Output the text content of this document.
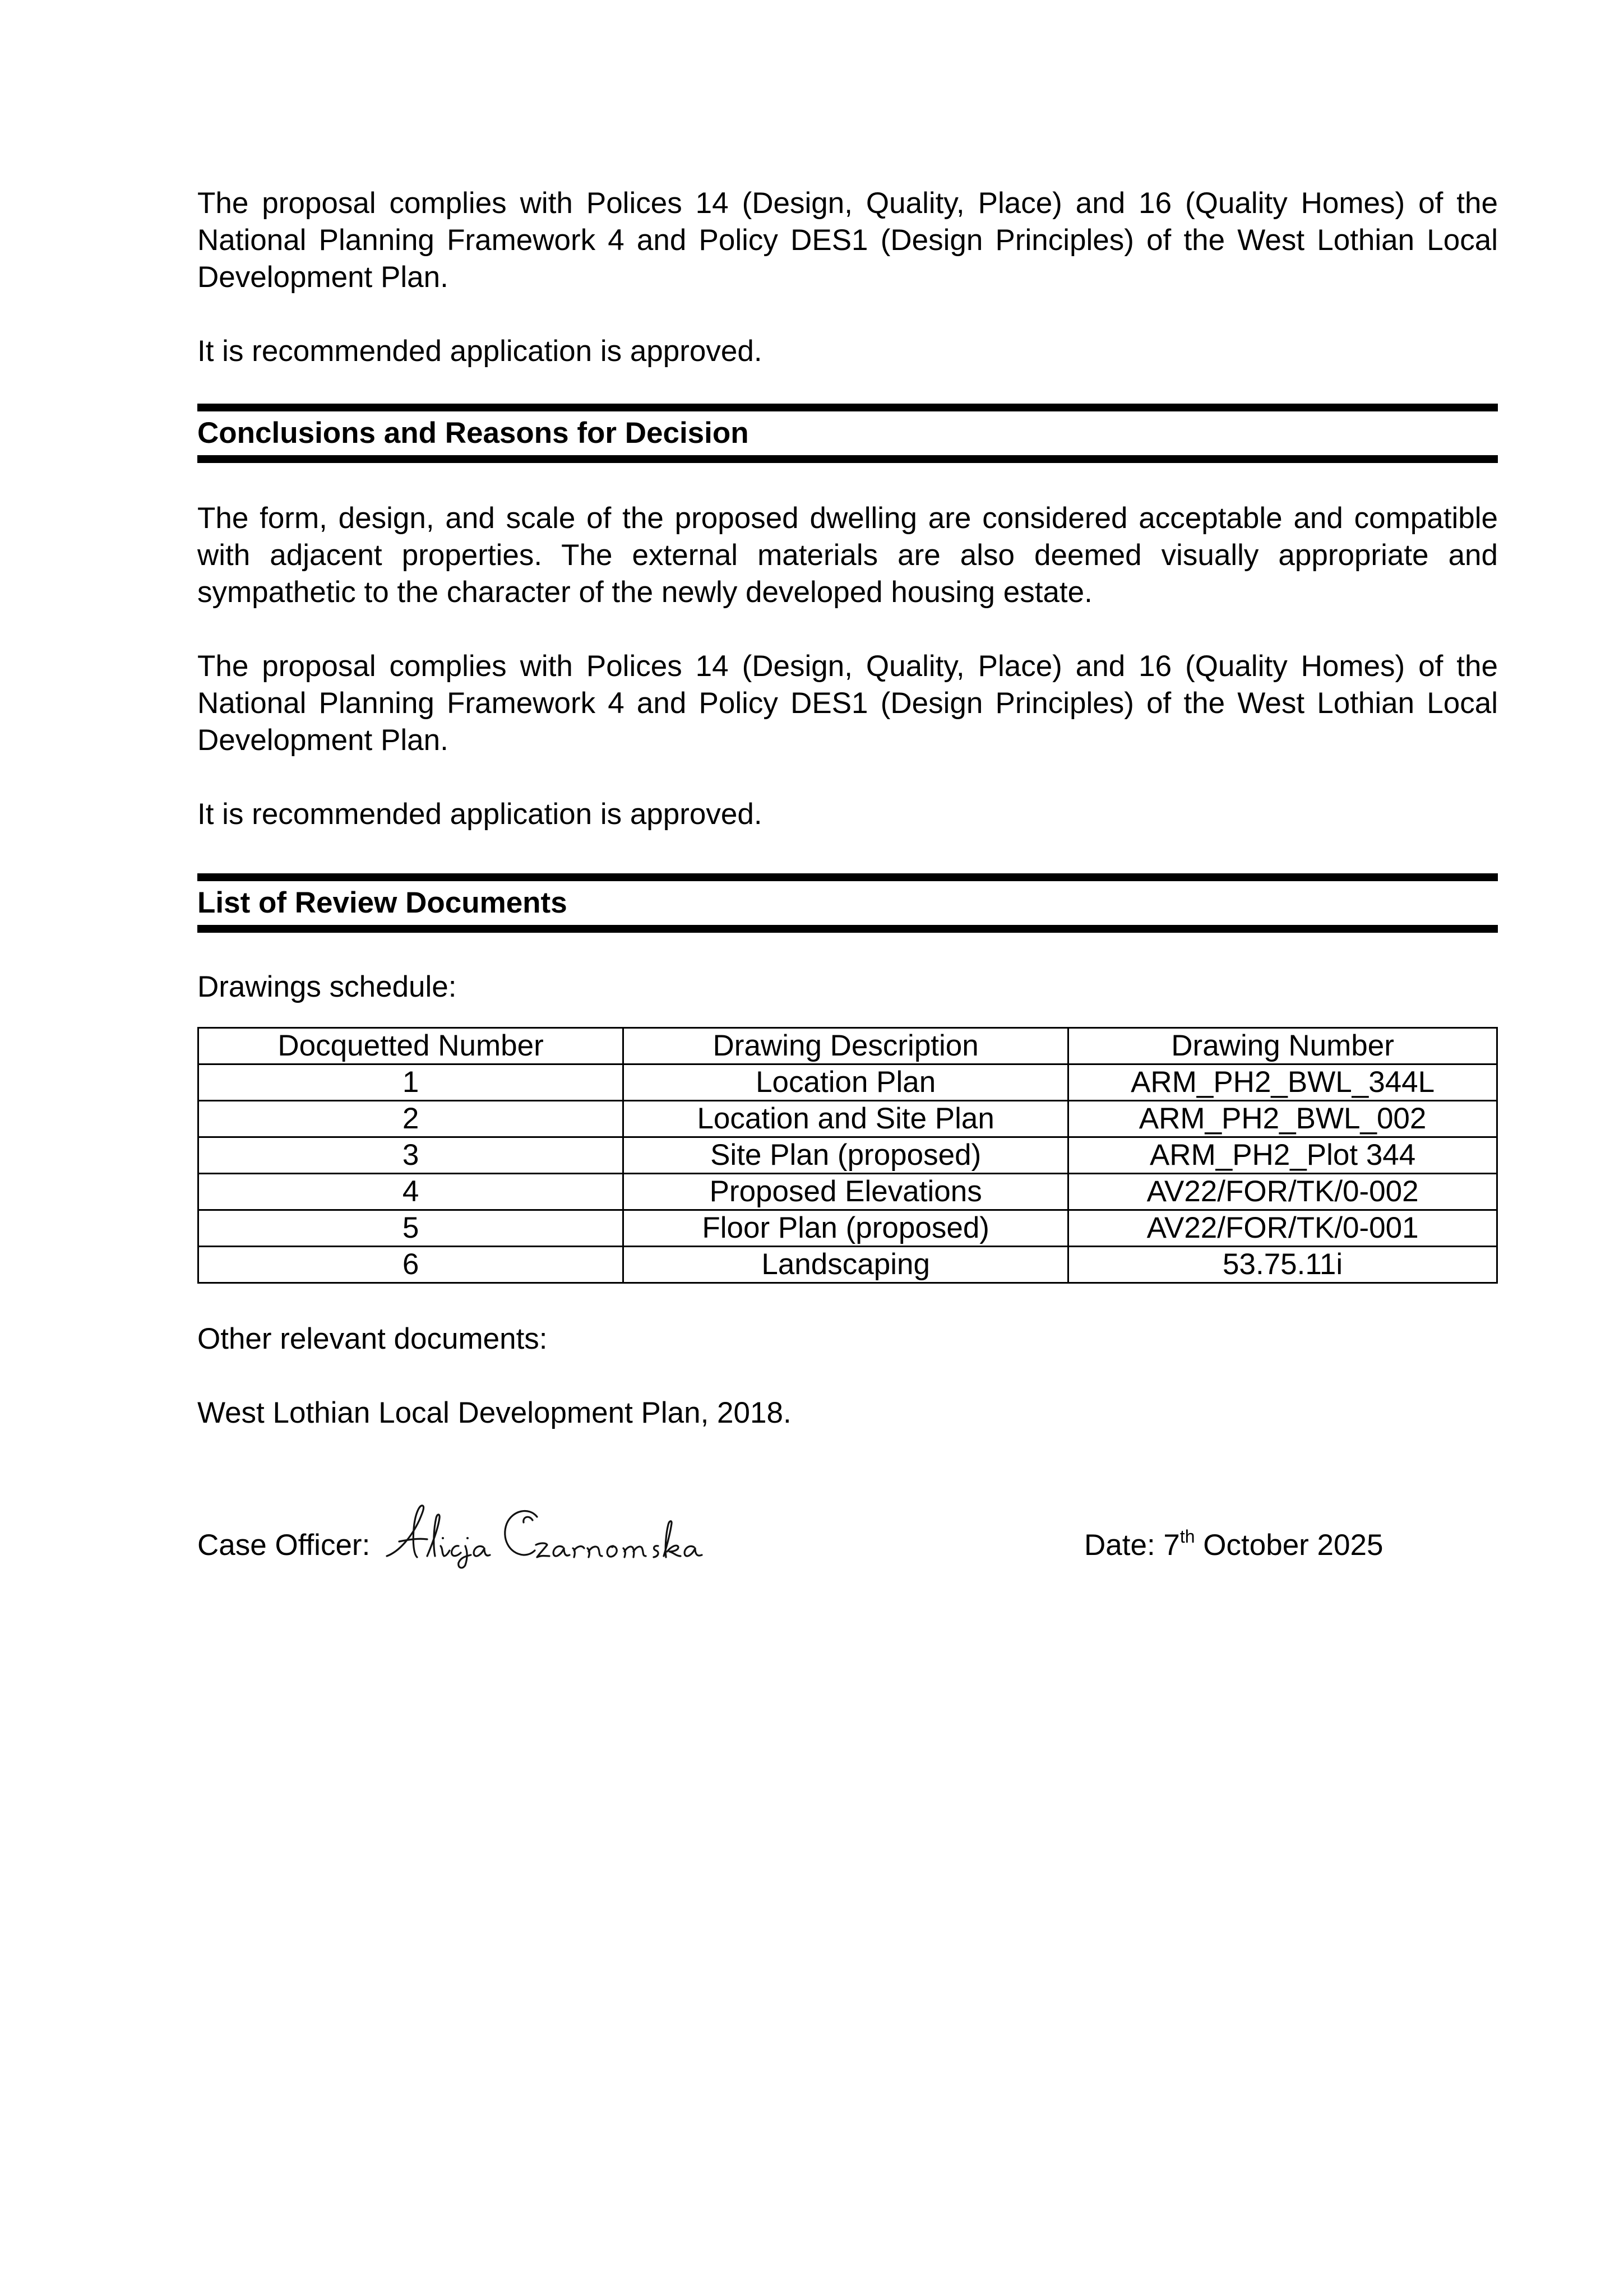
The proposal complies with Polices 14 (Design, Quality, Place) and 16 (Quality Homes) of the National Planning Framework 4 and Policy DES1 (Design Principles) of the West Lothian Local Development Plan.

It is recommended application is approved.

Conclusions and Reasons for Decision

The form, design, and scale of the proposed dwelling are considered acceptable and compatible with adjacent properties. The external materials are also deemed visually appropriate and sympathetic to the character of the newly developed housing estate.

The proposal complies with Polices 14 (Design, Quality, Place) and 16 (Quality Homes) of the National Planning Framework 4 and Policy DES1 (Design Principles) of the West Lothian Local Development Plan.

It is recommended application is approved.

List of Review Documents

Drawings schedule:

Docquetted Number	Drawing Description	Drawing Number
1	Location Plan	ARM_PH2_BWL_344L
2	Location and Site Plan	ARM_PH2_BWL_002
3	Site Plan (proposed)	ARM_PH2_Plot 344
4	Proposed Elevations	AV22/FOR/TK/0-002
5	Floor Plan (proposed)	AV22/FOR/TK/0-001
6	Landscaping	53.75.11i

Other relevant documents:

West Lothian Local Development Plan, 2018.

Case Officer:	Date: 7th October 2025
